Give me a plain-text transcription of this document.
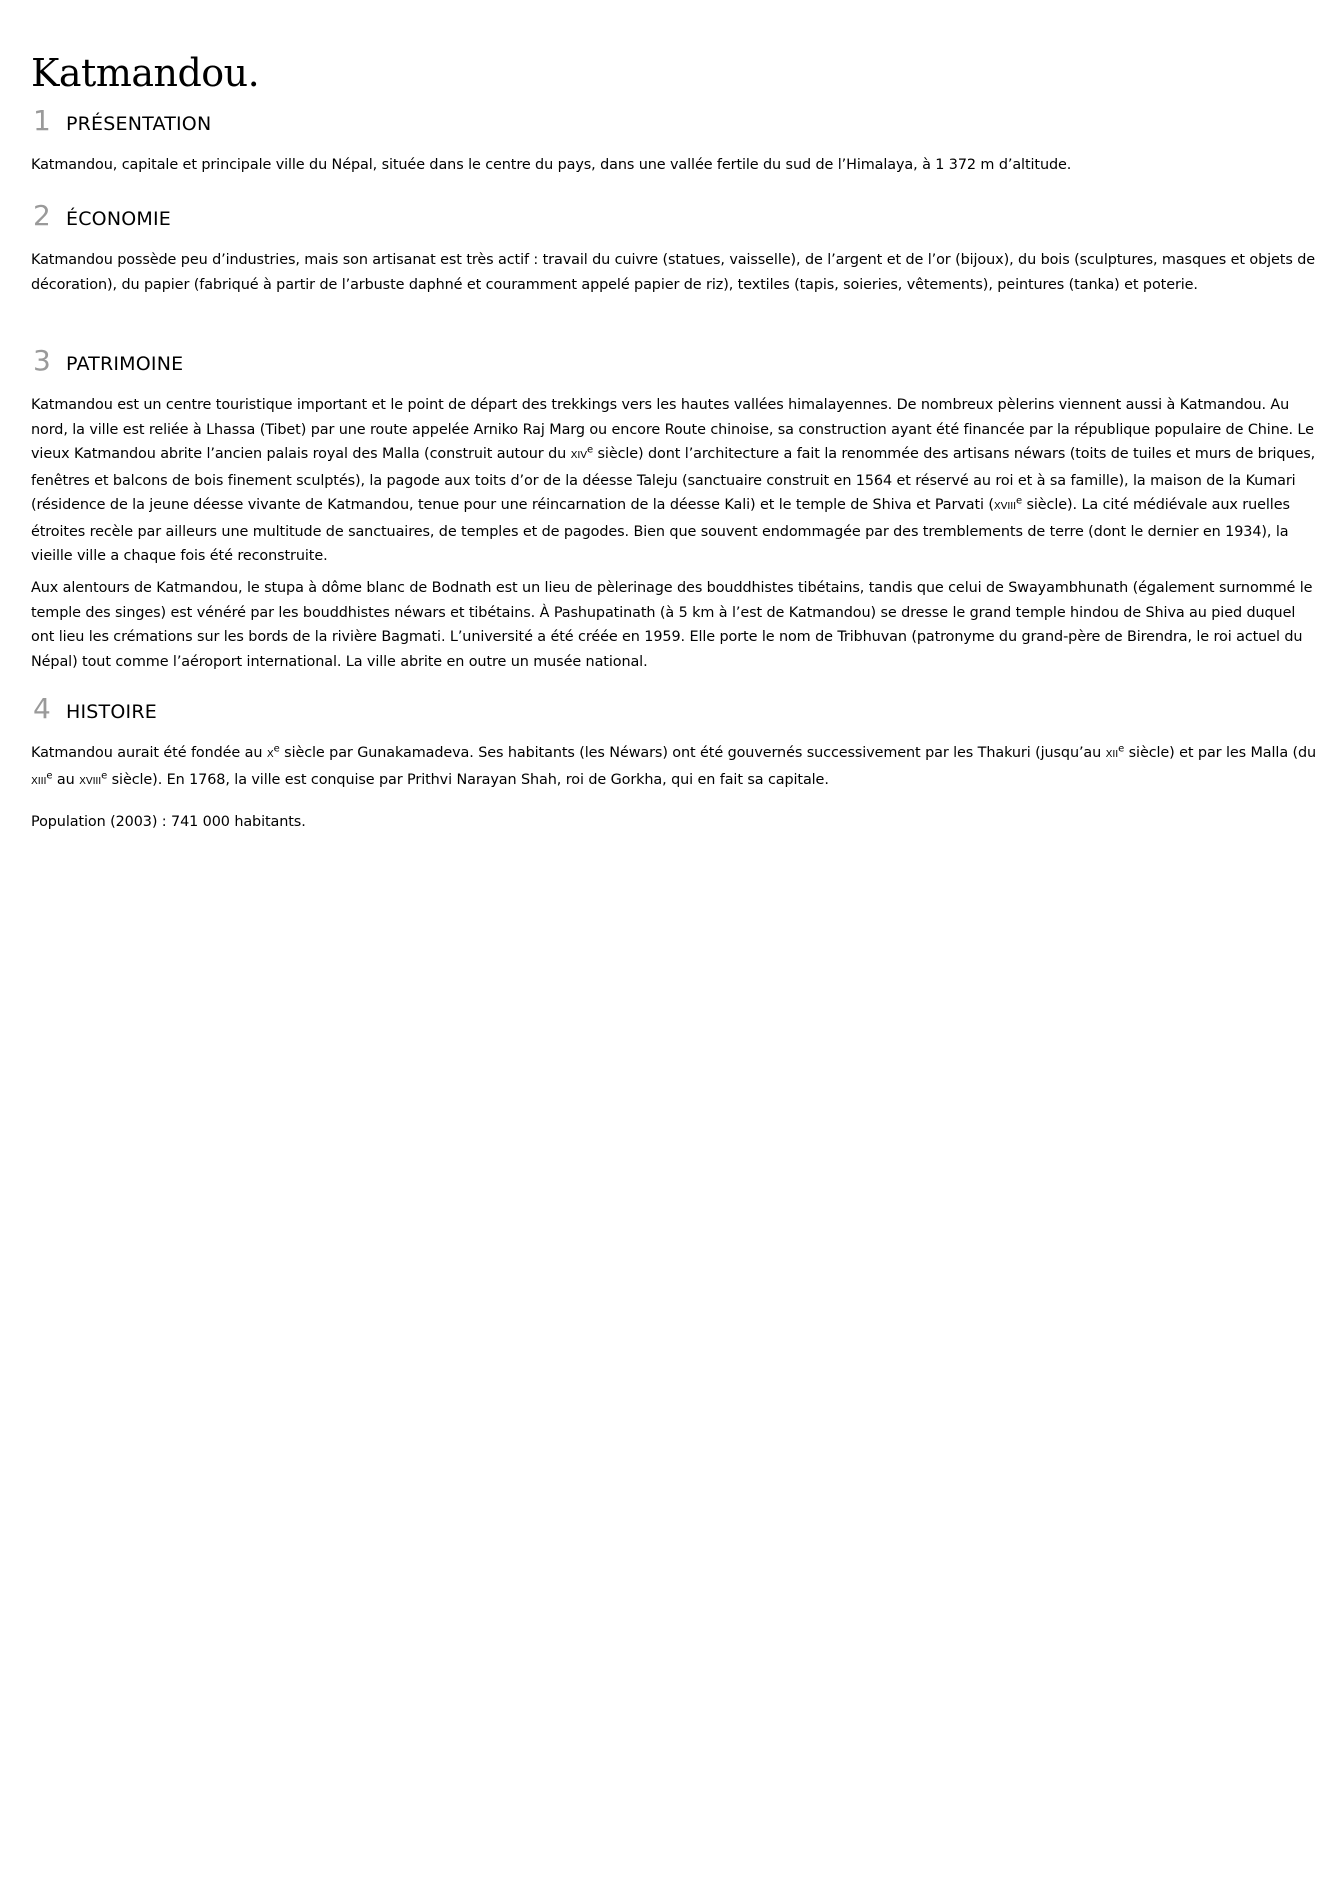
Katmandou.
1 PRÉSENTATION

Katmandou, capitale et principale ville du Népal, située dans le centre du pays, dans une vallée fertile du sud de l’Himalaya, à 1 372 m d’altitude.

2 ÉCONOMIE

Katmandou possède peu d’industries, mais son artisanat est très actif : travail du cuivre (statues, vaisselle), de l’argent et de l’or (bijoux), du bois (sculptures, masques et objets de décoration), du papier (fabriqué à partir de l’arbuste daphné et couramment appelé papier de riz), textiles (tapis, soieries, vêtements), peintures (tanka) et poterie.

3 PATRIMOINE

Katmandou est un centre touristique important et le point de départ des trekkings vers les hautes vallées himalayennes. De nombreux pèlerins viennent aussi à Katmandou. Au nord, la ville est reliée à Lhassa (Tibet) par une route appelée Arniko Raj Marg ou encore Route chinoise, sa construction ayant été financée par la république populaire de Chine. Le vieux Katmandou abrite l’ancien palais royal des Malla (construit autour du XIVe siècle) dont l’architecture a fait la renommée des artisans néwars (toits de tuiles et murs de briques, fenêtres et balcons de bois finement sculptés), la pagode aux toits d’or de la déesse Taleju (sanctuaire construit en 1564 et réservé au roi et à sa famille), la maison de la Kumari (résidence de la jeune déesse vivante de Katmandou, tenue pour une réincarnation de la déesse Kali) et le temple de Shiva et Parvati (XVIIIe siècle). La cité médiévale aux ruelles étroites recèle par ailleurs une multitude de sanctuaires, de temples et de pagodes. Bien que souvent endommagée par des tremblements de terre (dont le dernier en 1934), la vieille ville a chaque fois été reconstruite.

Aux alentours de Katmandou, le stupa à dôme blanc de Bodnath est un lieu de pèlerinage des bouddhistes tibétains, tandis que celui de Swayambhunath (également surnommé le temple des singes) est vénéré par les bouddhistes néwars et tibétains. À Pashupatinath (à 5 km à l’est de Katmandou) se dresse le grand temple hindou de Shiva au pied duquel ont lieu les crémations sur les bords de la rivière Bagmati. L’université a été créée en 1959. Elle porte le nom de Tribhuvan (patronyme du grand-père de Birendra, le roi actuel du Népal) tout comme l’aéroport international. La ville abrite en outre un musée national.

4 HISTOIRE

Katmandou aurait été fondée au Xe siècle par Gunakamadeva. Ses habitants (les Néwars) ont été gouvernés successivement par les Thakuri (jusqu’au XIIe siècle) et par les Malla (du XIIIe au XVIIIe siècle). En 1768, la ville est conquise par Prithvi Narayan Shah, roi de Gorkha, qui en fait sa capitale.

Population (2003) : 741 000 habitants.
